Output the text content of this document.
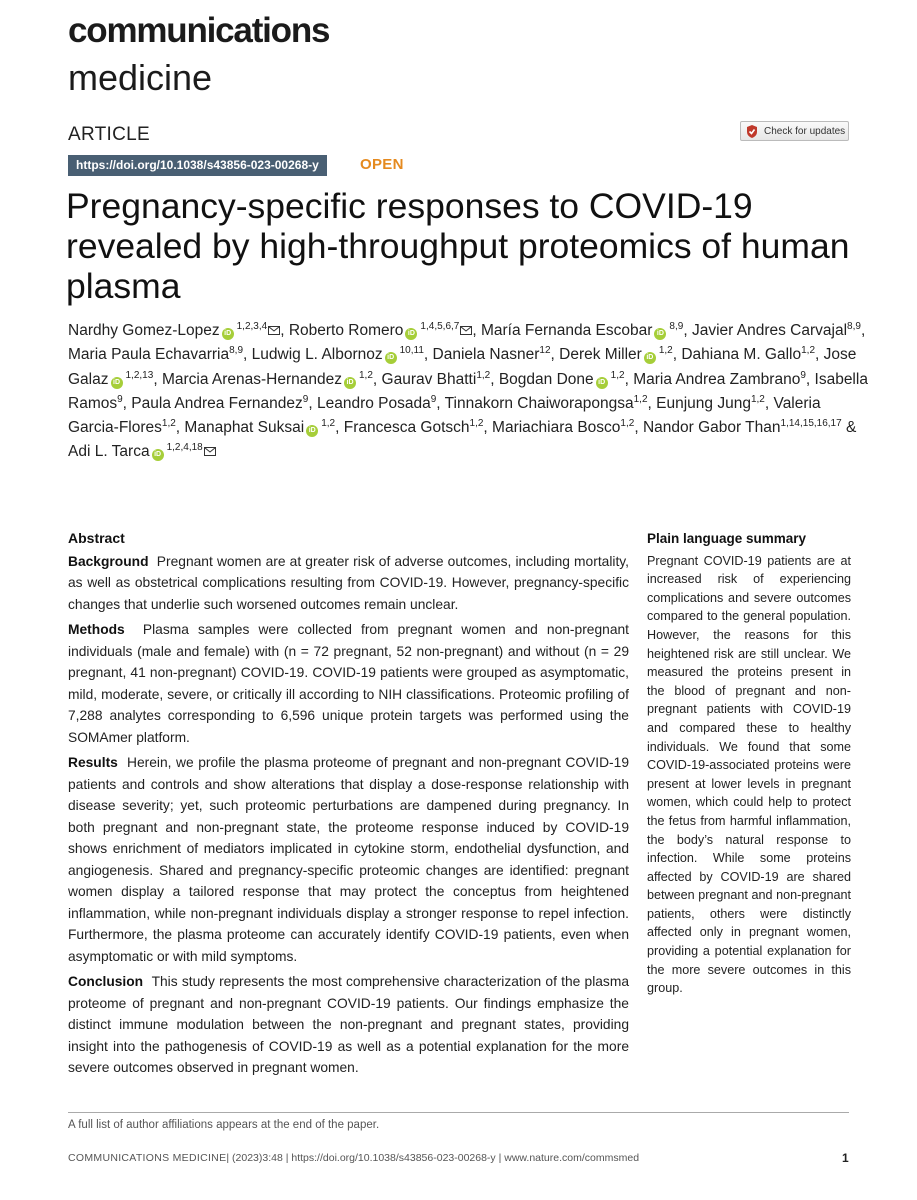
communications
medicine
ARTICLE	Check for updates
https://doi.org/10.1038/s43856-023-00268-y	OPEN
Pregnancy-specific responses to COVID-19 revealed by high-throughput proteomics of human plasma
Nardhy Gomez-Lopez iD$^{1,2,3,4}$ , Roberto Romero iD$^{1,4,5,6,7}$ , María Fernanda Escobar iD$^{8,9}$, Javier Andres Carvajal$^{8,9}$, Maria Paula Echavarria$^{8,9}$, Ludwig L. Albornoz iD$^{10,11}$, Daniela Nasner$^{12}$, Derek Miller iD$^{1,2}$, Dahiana M. Gallo$^{1,2}$, Jose Galaz iD$^{1,2,13}$, Marcia Arenas-Hernandez iD$^{1,2}$, Gaurav Bhatti$^{1,2}$, Bogdan Done iD$^{1,2}$, Maria Andrea Zambrano$^9$, Isabella Ramos$^9$, Paula Andrea Fernandez$^9$, Leandro Posada$^9$, Tinnakorn Chaiworapongsa$^{1,2}$, Eunjung Jung$^{1,2}$, Valeria Garcia-Flores$^{1,2}$, Manaphat Suksai iD$^{1,2}$, Francesca Gotsch$^{1,2}$, Mariachiara Bosco$^{1,2}$, Nandor Gabor Than$^{1,14,15,16,17}$ & Adi L. Tarca iD$^{1,2,4,18}$
Abstract

Background Pregnant women are at greater risk of adverse outcomes, including mortality, as well as obstetrical complications resulting from COVID-19. However, pregnancy-specific changes that underlie such worsened outcomes remain unclear.

Methods Plasma samples were collected from pregnant women and non-pregnant individuals (male and female) with (n = 72 pregnant, 52 non-pregnant) and without (n = 29 pregnant, 41 non-pregnant) COVID-19. COVID-19 patients were grouped as asymptomatic, mild, moderate, severe, or critically ill according to NIH classifications. Proteomic profiling of 7,288 analytes corresponding to 6,596 unique protein targets was performed using the SOMAmer platform.

Results Herein, we profile the plasma proteome of pregnant and non-pregnant COVID-19 patients and controls and show alterations that display a dose-response relationship with disease severity; yet, such proteomic perturbations are dampened during pregnancy. In both pregnant and non-pregnant state, the proteome response induced by COVID-19 shows enrichment of mediators implicated in cytokine storm, endothelial dysfunction, and angiogenesis. Shared and pregnancy-specific proteomic changes are identified: pregnant women display a tailored response that may protect the conceptus from heightened inflammation, while non-pregnant individuals display a stronger response to repel infection. Furthermore, the plasma proteome can accurately identify COVID-19 patients, even when asymptomatic or with mild symptoms.

Conclusion This study represents the most comprehensive characterization of the plasma proteome of pregnant and non-pregnant COVID-19 patients. Our findings emphasize the distinct immune modulation between the non-pregnant and pregnant states, providing insight into the pathogenesis of COVID-19 as well as a potential explanation for the more severe outcomes observed in pregnant women.

Plain language summary

Pregnant COVID-19 patients are at increased risk of experiencing complications and severe outcomes compared to the general population. However, the reasons for this heightened risk are still unclear. We measured the proteins present in the blood of pregnant and non-pregnant patients with COVID-19 and compared these to healthy individuals. We found that some COVID-19-associated proteins were present at lower levels in pregnant women, which could help to protect the fetus from harmful inflammation, the body’s natural response to infection. While some proteins affected by COVID-19 are shared between pregnant and non-pregnant patients, others were distinctly affected only in pregnant women, providing a potential explanation for the more severe outcomes in this group.

A full list of author affiliations appears at the end of the paper.
COMMUNICATIONS MEDICINE| (2023)3:48 | https://doi.org/10.1038/s43856-023-00268-y | www.nature.com/commsmed	1
